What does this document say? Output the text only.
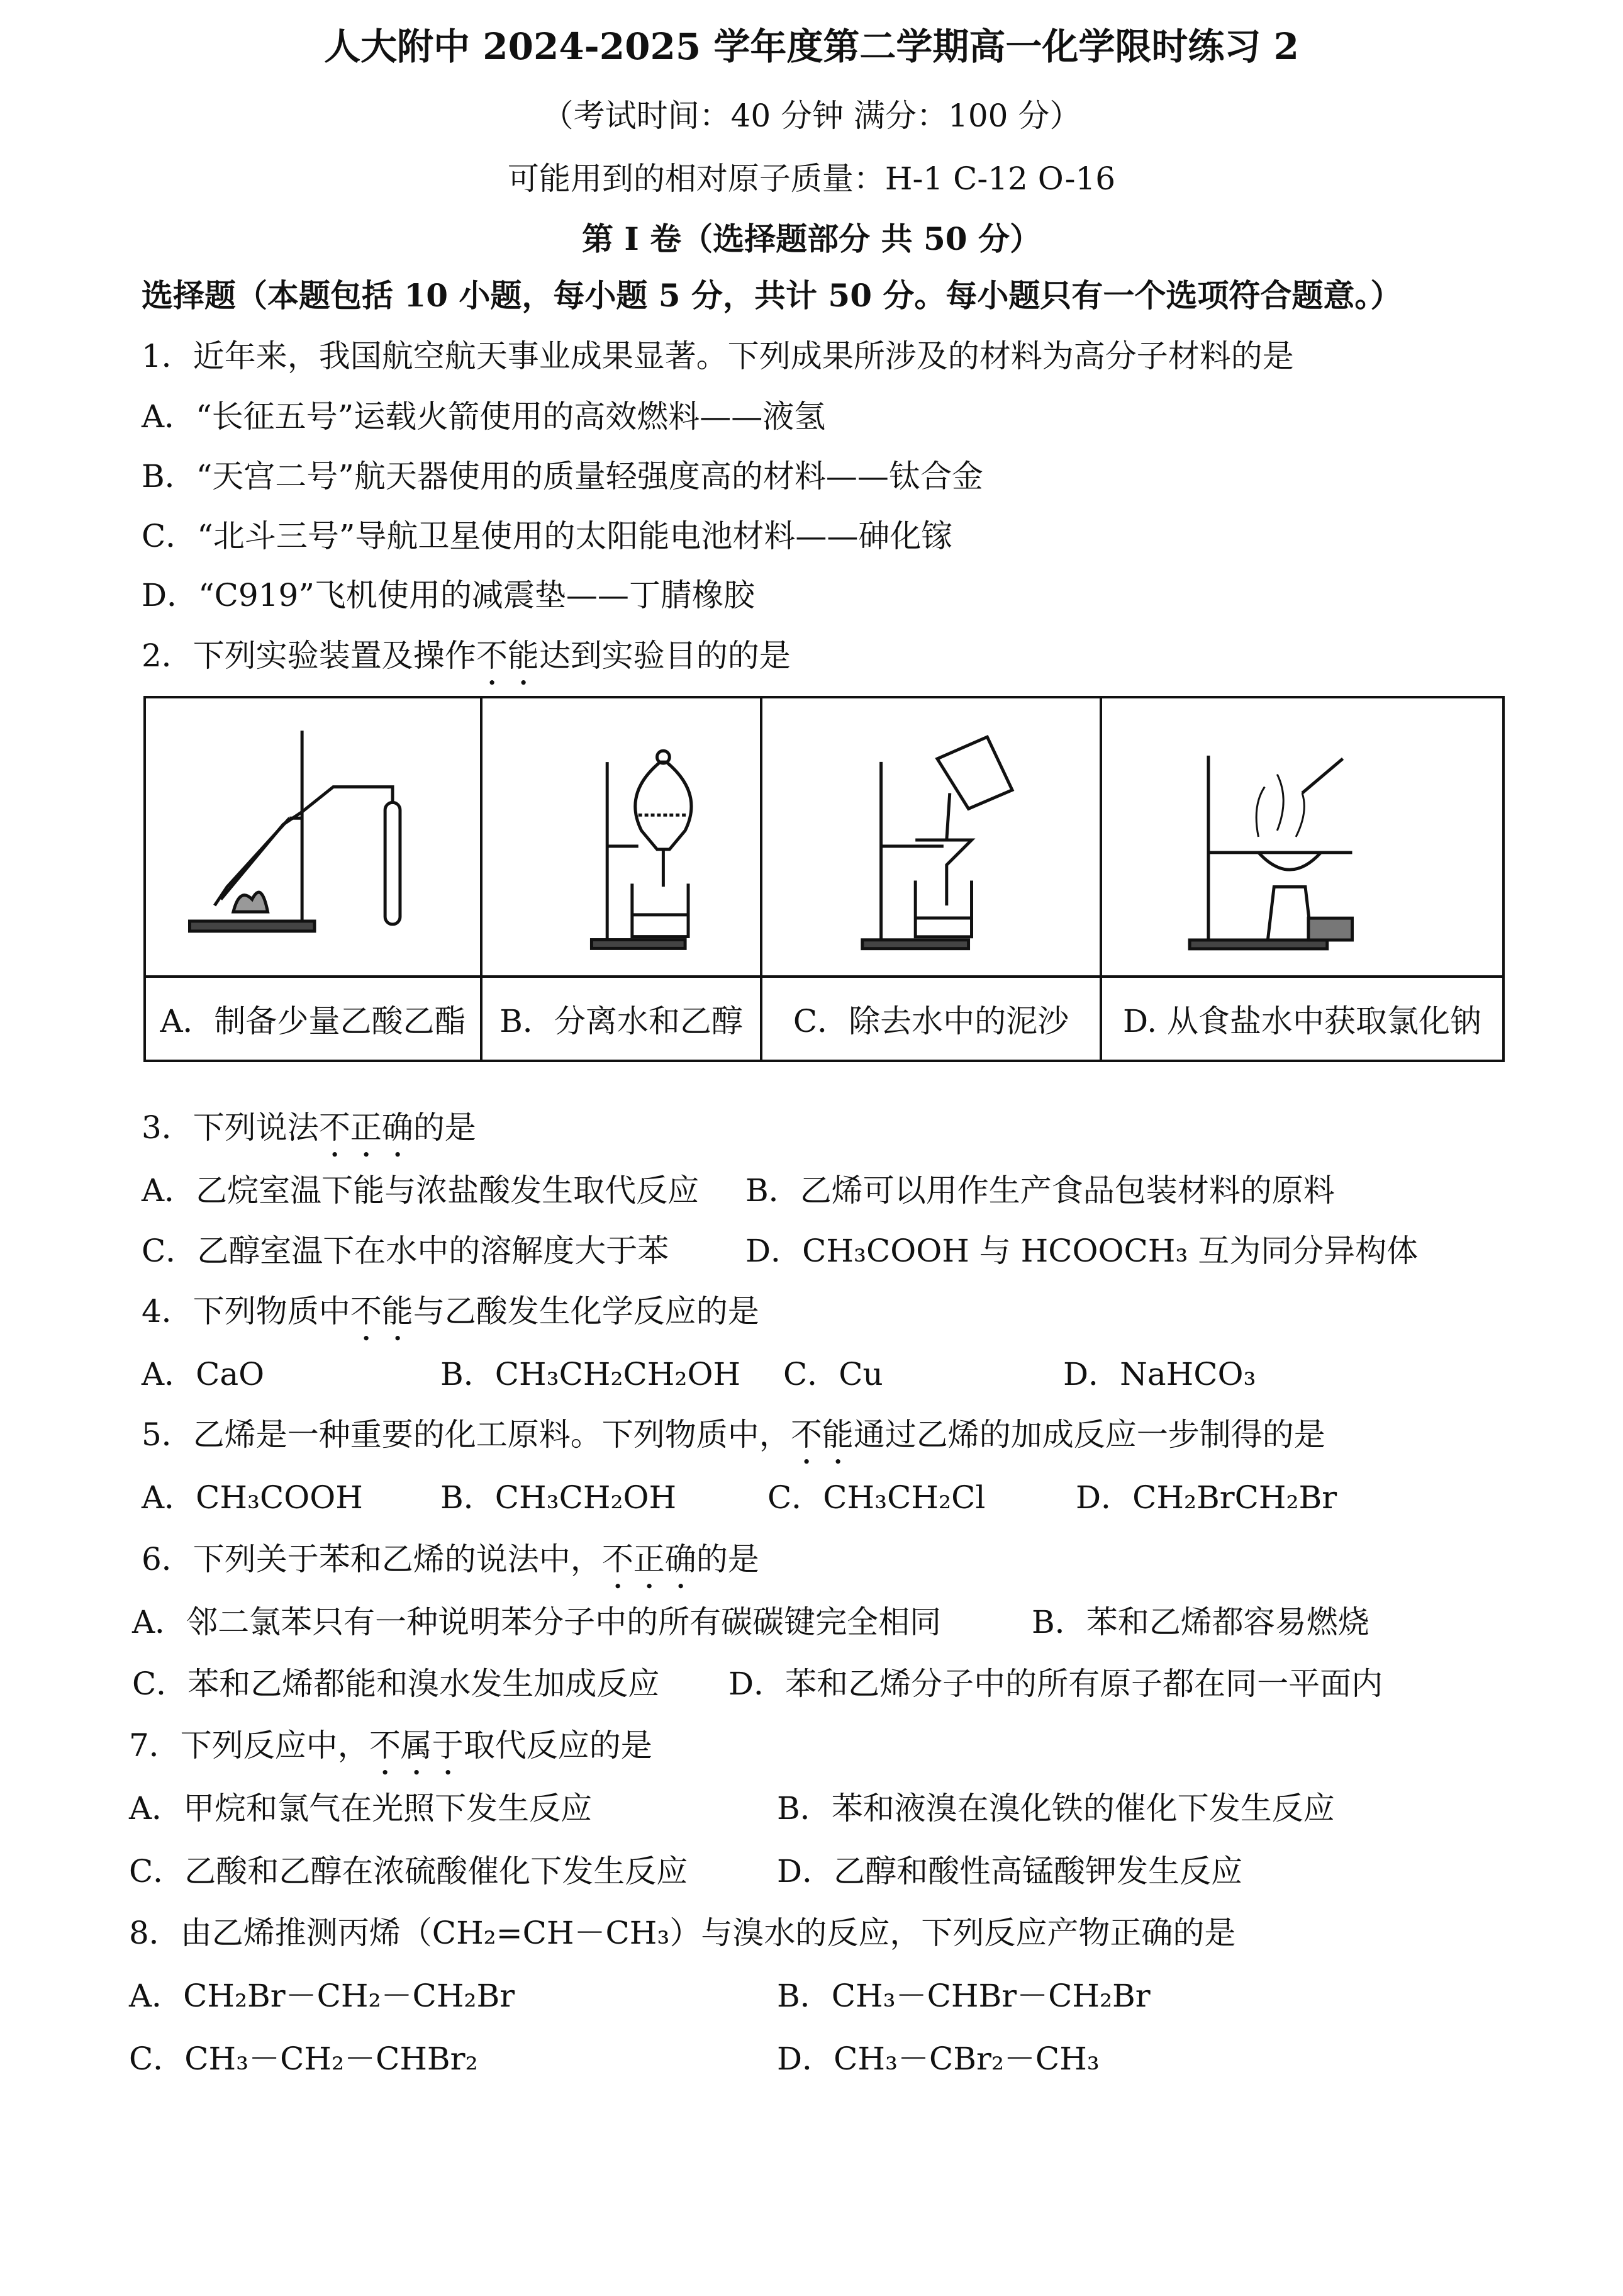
人大附中 2024-2025 学年度第二学期高一化学限时练习 2
（考试时间：40 分钟 满分：100 分）
可能用到的相对原子质量：H-1 C-12 O-16
第 I 卷（选择题部分 共 50 分）
选择题（本题包括 10 小题，每小题 5 分，共计 50 分。每小题只有一个选项符合题意。）
1．近年来，我国航空航天事业成果显著。下列成果所涉及的材料为高分子材料的是
A．“长征五号”运载火箭使用的高效燃料——液氢
B．“天宫二号”航天器使用的质量轻强度高的材料——钛合金
C．“北斗三号”导航卫星使用的太阳能电池材料——砷化镓
D．“C919”飞机使用的减震垫——丁腈橡胶
2．下列实验装置及操作不能达到实验目的的是

A．制备少量乙酸乙酯	B．分离水和乙醇	C．除去水中的泥沙	D. 从食盐水中获取氯化钠
3．下列说法不正确的是
A．乙烷室温下能与浓盐酸发生取代反应 B．乙烯可以用作生产食品包装材料的原料
C．乙醇室温下在水中的溶解度大于苯 D．CH₃COOH 与 HCOOCH₃ 互为同分异构体
4．下列物质中不能与乙酸发生化学反应的是
A．CaO	B．CH₃CH₂CH₂OH C．Cu	D．NaHCO₃
5．乙烯是一种重要的化工原料。下列物质中，不能通过乙烯的加成反应一步制得的是
A．CH₃COOH B．CH₃CH₂OH	C．CH₃CH₂Cl	D．CH₂BrCH₂Br
6．下列关于苯和乙烯的说法中，不正确的是
A．邻二氯苯只有一种说明苯分子中的所有碳碳键完全相同	B．苯和乙烯都容易燃烧
C．苯和乙烯都能和溴水发生加成反应 D．苯和乙烯分子中的所有原子都在同一平面内
7．下列反应中，不属于取代反应的是
A．甲烷和氯气在光照下发生反应	B．苯和液溴在溴化铁的催化下发生反应
C．乙酸和乙醇在浓硫酸催化下发生反应	D．乙醇和酸性高锰酸钾发生反应
8．由乙烯推测丙烯（CH₂=CH－CH₃）与溴水的反应，下列反应产物正确的是
A．CH₂Br－CH₂－CH₂Br	B．CH₃－CHBr－CH₂Br
C．CH₃－CH₂－CHBr₂	D．CH₃－CBr₂－CH₃
